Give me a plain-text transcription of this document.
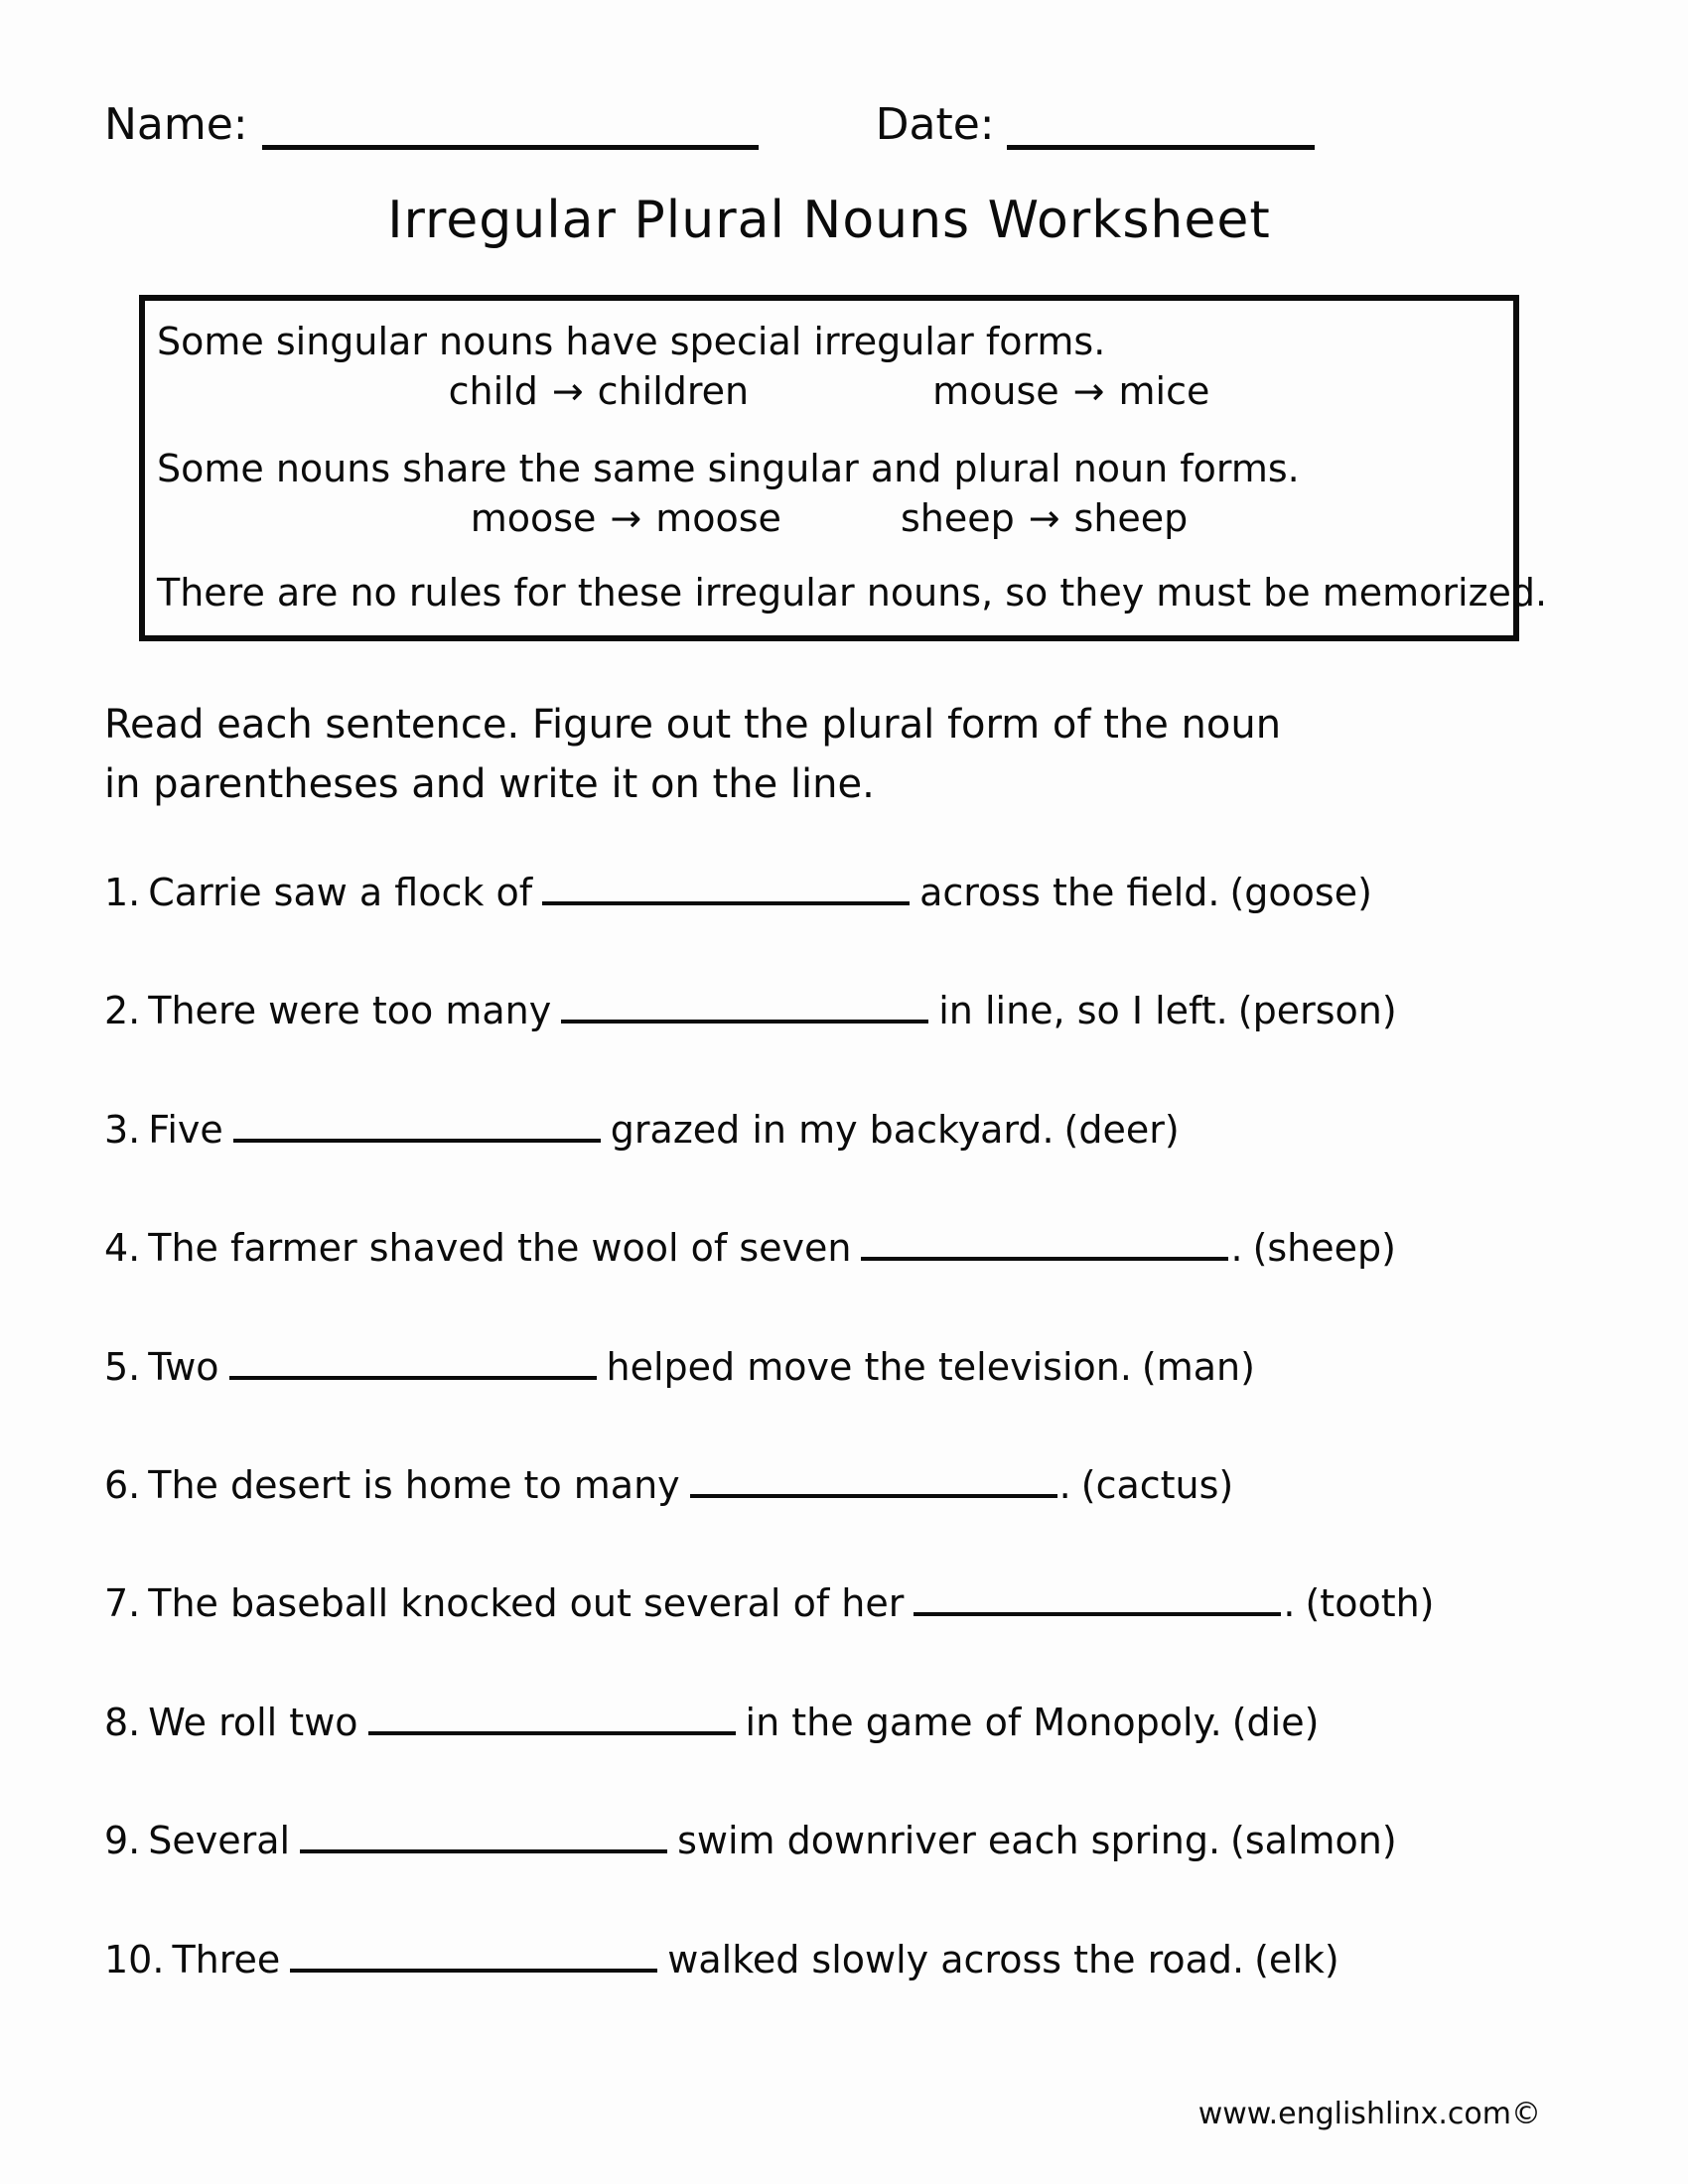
Name:	Date:
Irregular Plural Nouns Worksheet

Some singular nouns have special irregular forms.

child → children	mouse → mice

Some nouns share the same singular and plural noun forms.

moose → moose	sheep → sheep

There are no rules for these irregular nouns, so they must be memorized.

Read each sentence. Figure out the plural form of the noun in parentheses and write it on the line.

1. Carrie saw a flock of	across the field. (goose)
2. There were too many	in line, so I left. (person)
3. Five	grazed in my backyard. (deer)
4. The farmer shaved the wool of seven	. (sheep)
5. Two	helped move the television. (man)
6. The desert is home to many	. (cactus)
7. The baseball knocked out several of her	. (tooth)
8. We roll two	in the game of Monopoly. (die)
9. Several	swim downriver each spring. (salmon)
10. Three	walked slowly across the road. (elk)
www.englishlinx.com©
